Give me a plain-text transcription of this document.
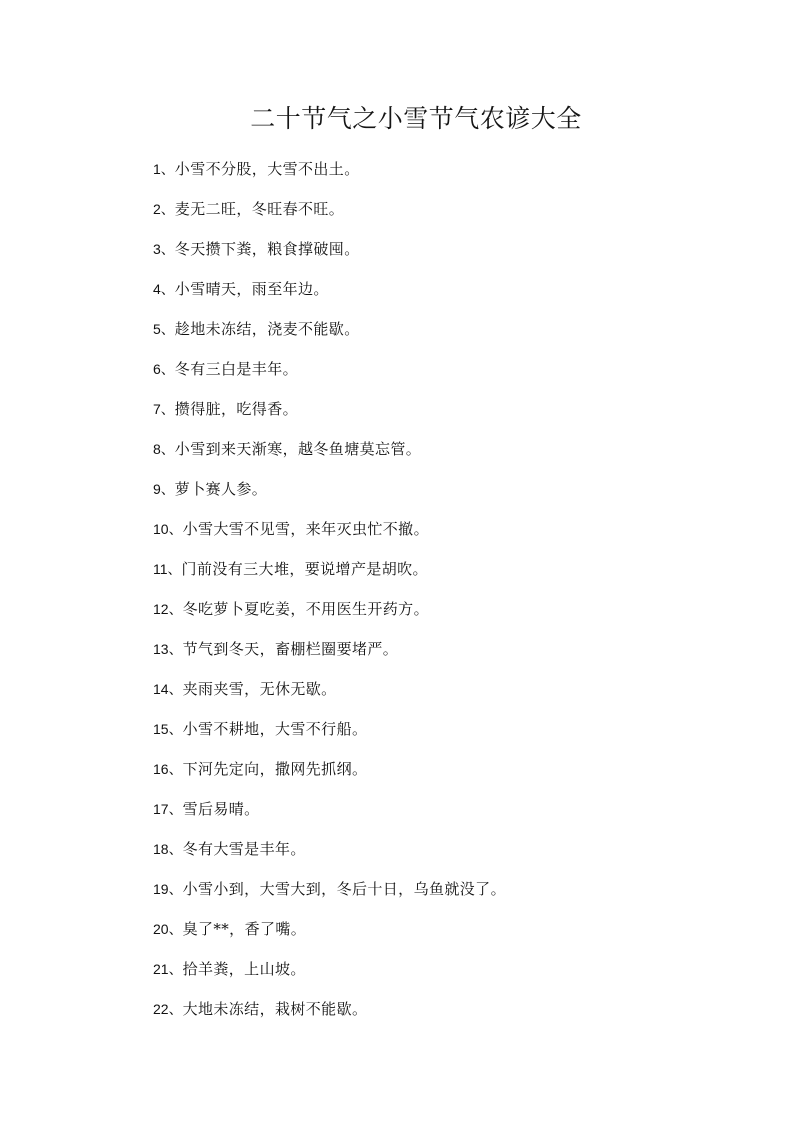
二十节气之小雪节气农谚大全
1、小雪不分股，大雪不出土。
2、麦无二旺，冬旺春不旺。
3、冬天攒下粪，粮食撑破囤。
4、小雪晴天，雨至年边。
5、趁地未冻结，浇麦不能歇。
6、冬有三白是丰年。
7、攒得脏，吃得香。
8、小雪到来天渐寒，越冬鱼塘莫忘管。
9、萝卜赛人参。
10、小雪大雪不见雪，来年灭虫忙不撤。
11、门前没有三大堆，要说增产是胡吹。
12、冬吃萝卜夏吃姜，不用医生开药方。
13、节气到冬天，畜棚栏圈要堵严。
14、夹雨夹雪，无休无歇。
15、小雪不耕地，大雪不行船。
16、下河先定向，撒网先抓纲。
17、雪后易晴。
18、冬有大雪是丰年。
19、小雪小到，大雪大到，冬后十日，乌鱼就没了。
20、臭了**，香了嘴。
21、拾羊粪，上山坡。
22、大地未冻结，栽树不能歇。
